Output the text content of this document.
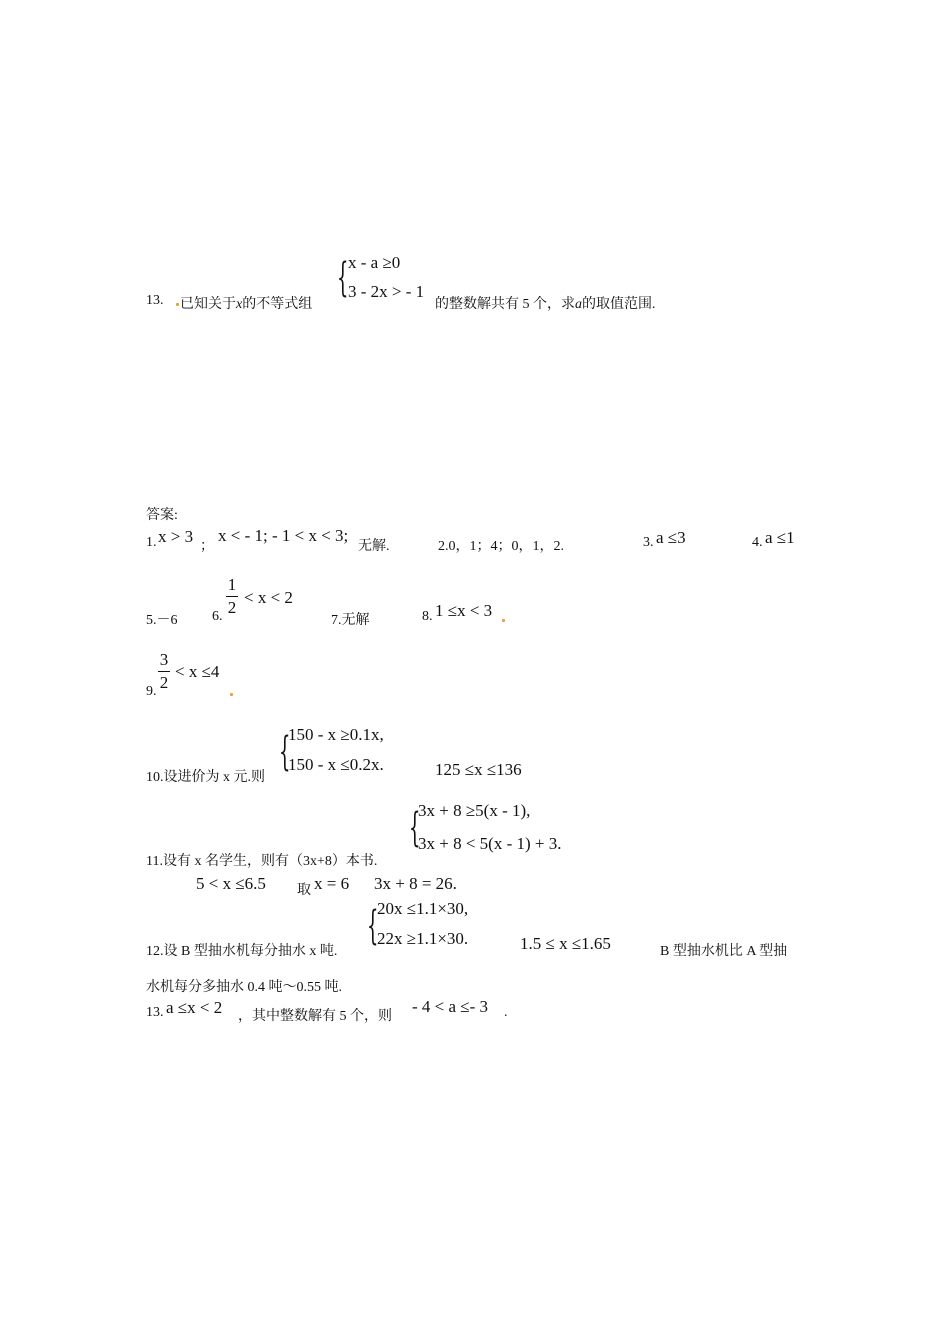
13. 已知关于x的不等式组
{ x - a ≥0
3 - 2x > - 1
的整数解共有 5 个，求a的取值范围.
答案:
1. x > 3
；
x < - 1; - 1 < x < 3;
无解.	2.0，1；4；0，1，2.	3. a ≤3	4. a ≤1
5.－6 6.
1
2
< x < 2
7.无解	8. 1 ≤x < 3
3
2
< x ≤4
9.
10.设进价为 x 元.则
{
150 - x ≥0.1x,
150 - x ≤0.2x.	125 ≤x ≤136
{
3x + 8 ≥5(x - 1),
3x + 8 < 5(x - 1) + 3.
11.设有 x 名学生，则有（3x+8）本书.
5 < x ≤6.5 取 x = 6 3x + 8 = 26.
{
20x ≤1.1×30,
22x ≥1.1×30.
12.设 B 型抽水机每分抽水 x 吨.	1.5 ≤ x ≤1.65	B 型抽水机比 A 型抽
水机每分多抽水 0.4 吨～0.55 吨.
13. a ≤x < 2 ，其中整数解有 5 个，则
- 4 < a ≤- 3 .
